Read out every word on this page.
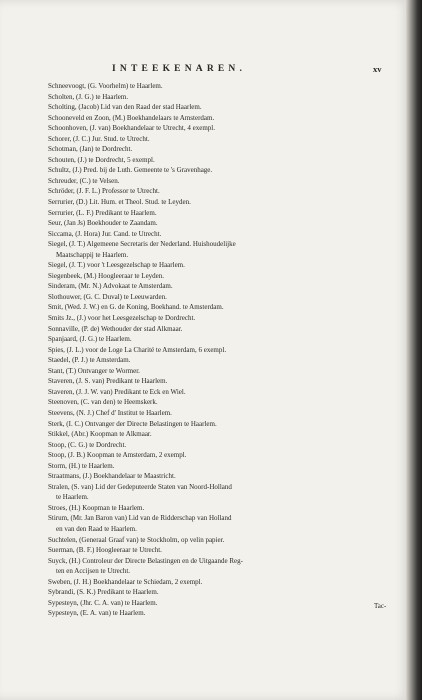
INTEEKENAREN.	xv
Schneevoogt, (G. Voorhelm) te Haarlem.
Scholten, (J. G.) te Haarlem.
Scholting, (Jacob) Lid van den Raad der stad Haarlem.
Schooneveld en Zoon, (M.) Boekhandelaars te Amsterdam.
Schoonhoven, (J. van) Boekhandelaar te Utrecht, 4 exempl.
Schorer, (J. C.) Jur. Stud. te Utrecht.
Schotman, (Jan) te Dordrecht.
Schouten, (J.) te Dordrecht, 5 exempl.
Schultz, (J.) Pred. bij de Luth. Gemeente te 's Gravenhage.
Schreuder, (C.) te Velsen.
Schröder, (J. F. L.) Professor te Utrecht.
Serrurier, (D.) Lit. Hum. et Theol. Stud. te Leyden.
Serrurier, (L. F.) Predikant te Haarlem.
Seur, (Jan Js) Boekhouder te Zaandam.
Siccama, (J. Hora) Jur. Cand. te Utrecht.
Siegel, (J. T.) Algemeene Secretaris der Nederland. Huishoudelijke
Maatschappij te Haarlem.
Siegel, (J. T.) voor 't Leesgezelschap te Haarlem.
Siegenbeek, (M.) Hoogleeraar te Leyden.
Sinderam, (Mr. N.) Advokaat te Amsterdam.
Slothouwer, (G. C. Duval) te Leeuwarden.
Smit, (Wed. J. W.) en G. de Koning, Boekhand. te Amsterdam.
Smits Jz., (J.) voor het Leesgezelschap te Dordrecht.
Sonnaville, (P. de) Wethouder der stad Alkmaar.
Spanjaard, (J. G.) te Haarlem.
Spies, (J. L.) voor de Loge La Charité te Amsterdam, 6 exempl.
Staedel, (P. J.) te Amsterdam.
Stant, (T.) Ontvanger te Wormer.
Staveren, (J. S. van) Predikant te Haarlem.
Staveren, (J. J. W. van) Predikant te Eck en Wiel.
Steenoven, (C. van den) te Heemskerk.
Steevens, (N. J.) Chef d' Institut te Haarlem.
Sterk, (I. C.) Ontvanger der Directe Belastingen te Haarlem.
Stikkel, (Abr.) Koopman te Alkmaar.
Stoop, (C. G.) te Dordrecht.
Stoop, (J. B.) Koopman te Amsterdam, 2 exempl.
Storm, (H.) te Haarlem.
Straatmans, (J.) Boekhandelaar te Maastricht.
Stralen, (S. van) Lid der Gedeputeerde Staten van Noord-Holland
te Haarlem.
Stroes, (H.) Koopman te Haarlem.
Stirum, (Mr. Jan Baron van) Lid van de Ridderschap van Holland
en van den Raad te Haarlem.
Suchtelen, (Generaal Graaf van) te Stockholm, op velin papier.
Suerman, (B. F.) Hoogleeraar te Utrecht.
Suyck, (H.) Controleur der Directe Belastingen en de Uitgaande Reg-
ten en Accijsen te Utrecht.
Sweben, (J. H.) Boekhandelaar te Schiedam, 2 exempl.
Sybrandi, (S. K.) Predikant te Haarlem.
Sypesteyn, (Jhr. C. A. van) te Haarlem.
Sypesteyn, (E. A. van) te Haarlem.
Tac-
